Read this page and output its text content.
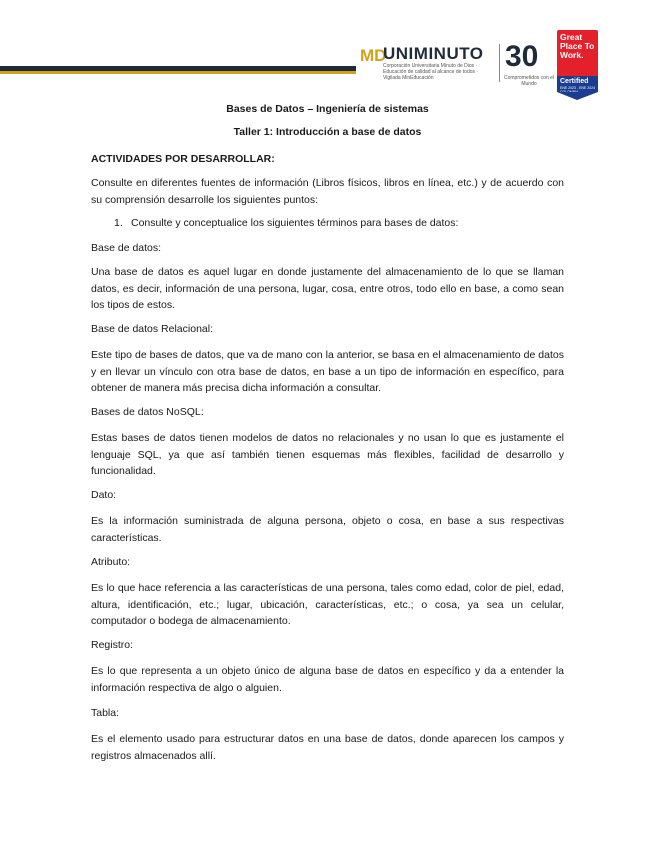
MD
UNIMINUTO
Corporación Universitaria Minuto de Dios · Educación de calidad al alcance de todos · Vigilada MinEducación
30
Comprometidos con el Mundo
Great Place To Work.
Certified
ENE 2023 - ENE 2024 COLOMBIA
Bases de Datos – Ingeniería de sistemas
Taller 1: Introducción a base de datos
ACTIVIDADES POR DESARROLLAR:
Consulte en diferentes fuentes de información (Libros físicos, libros en línea, etc.) y de acuerdo con su comprensión desarrolle los siguientes puntos:
1. Consulte y conceptualice los siguientes términos para bases de datos:
Base de datos:
Una base de datos es aquel lugar en donde justamente del almacenamiento de lo que se llaman datos, es decir, información de una persona, lugar, cosa, entre otros, todo ello en base, a como sean los tipos de estos.
Base de datos Relacional:
Este tipo de bases de datos, que va de mano con la anterior, se basa en el almacenamiento de datos y en llevar un vínculo con otra base de datos, en base a un tipo de información en específico, para obtener de manera más precisa dicha información a consultar.
Bases de datos NoSQL:
Estas bases de datos tienen modelos de datos no relacionales y no usan lo que es justamente el lenguaje SQL, ya que así también tienen esquemas más flexibles, facilidad de desarrollo y funcionalidad.
Dato:
Es la información suministrada de alguna persona, objeto o cosa, en base a sus respectivas características.
Atributo:
Es lo que hace referencia a las características de una persona, tales como edad, color de piel, edad, altura, identificación, etc.; lugar, ubicación, características, etc.; o cosa, ya sea un celular, computador o bodega de almacenamiento.
Registro:
Es lo que representa a un objeto único de alguna base de datos en específico y da a entender la información respectiva de algo o alguien.
Tabla:
Es el elemento usado para estructurar datos en una base de datos, donde aparecen los campos y registros almacenados allí.
